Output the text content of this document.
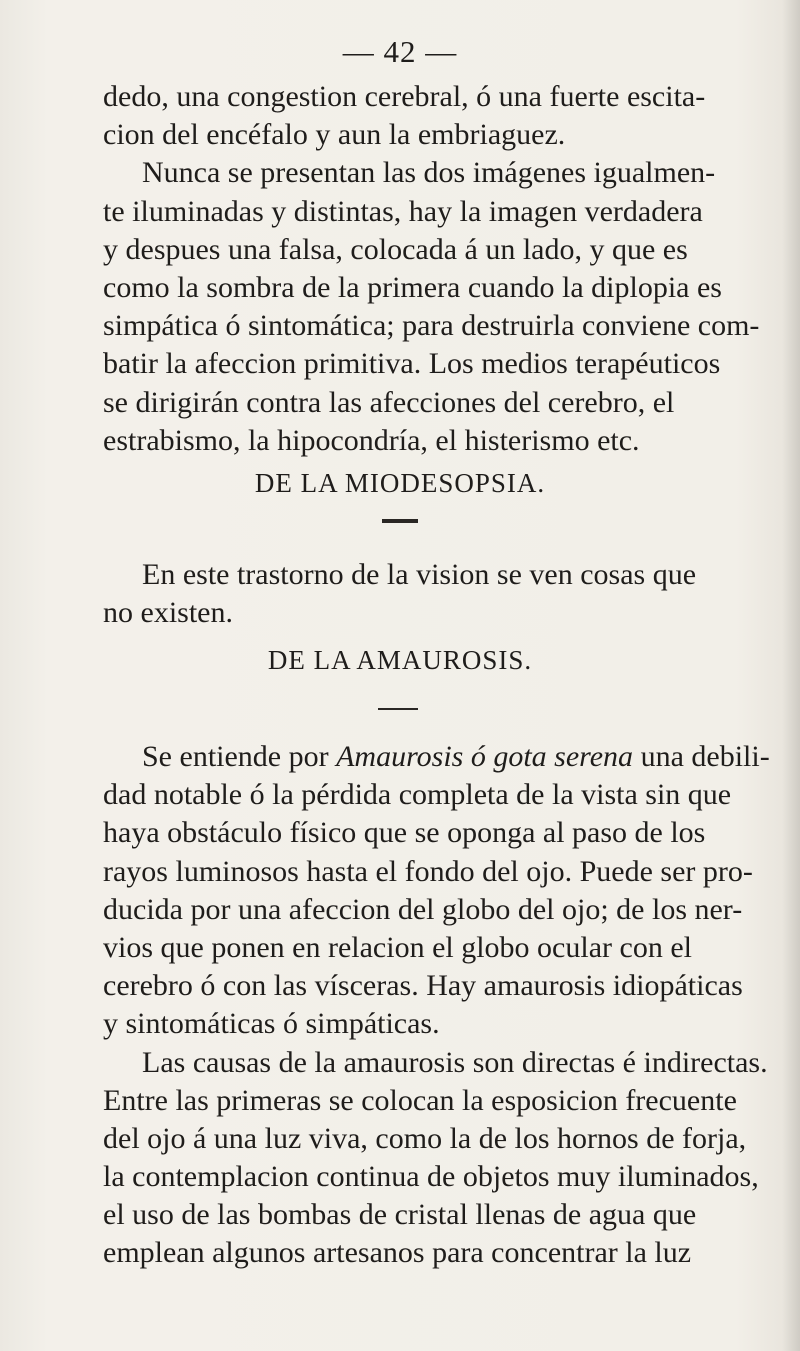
— 42 —
dedo, una congestion cerebral, ó una fuerte escita-
cion del encéfalo y aun la embriaguez.
Nunca se presentan las dos imágenes igualmen-
te iluminadas y distintas, hay la imagen verdadera
y despues una falsa, colocada á un lado, y que es
como la sombra de la primera cuando la diplopia es
simpática ó sintomática; para destruirla conviene com-
batir la afeccion primitiva. Los medios terapéuticos
se dirigirán contra las afecciones del cerebro, el
estrabismo, la hipocondría, el histerismo etc.
DE LA MIODESOPSIA.
En este trastorno de la vision se ven cosas que
no existen.
DE LA AMAUROSIS.
Se entiende por Amaurosis ó gota serena una debili-
dad notable ó la pérdida completa de la vista sin que
haya obstáculo físico que se oponga al paso de los
rayos luminosos hasta el fondo del ojo. Puede ser pro-
ducida por una afeccion del globo del ojo; de los ner-
vios que ponen en relacion el globo ocular con el
cerebro ó con las vísceras. Hay amaurosis idiopáticas
y sintomáticas ó simpáticas.
Las causas de la amaurosis son directas é indirectas.
Entre las primeras se colocan la esposicion frecuente
del ojo á una luz viva, como la de los hornos de forja,
la contemplacion continua de objetos muy iluminados,
el uso de las bombas de cristal llenas de agua que
emplean algunos artesanos para concentrar la luz
